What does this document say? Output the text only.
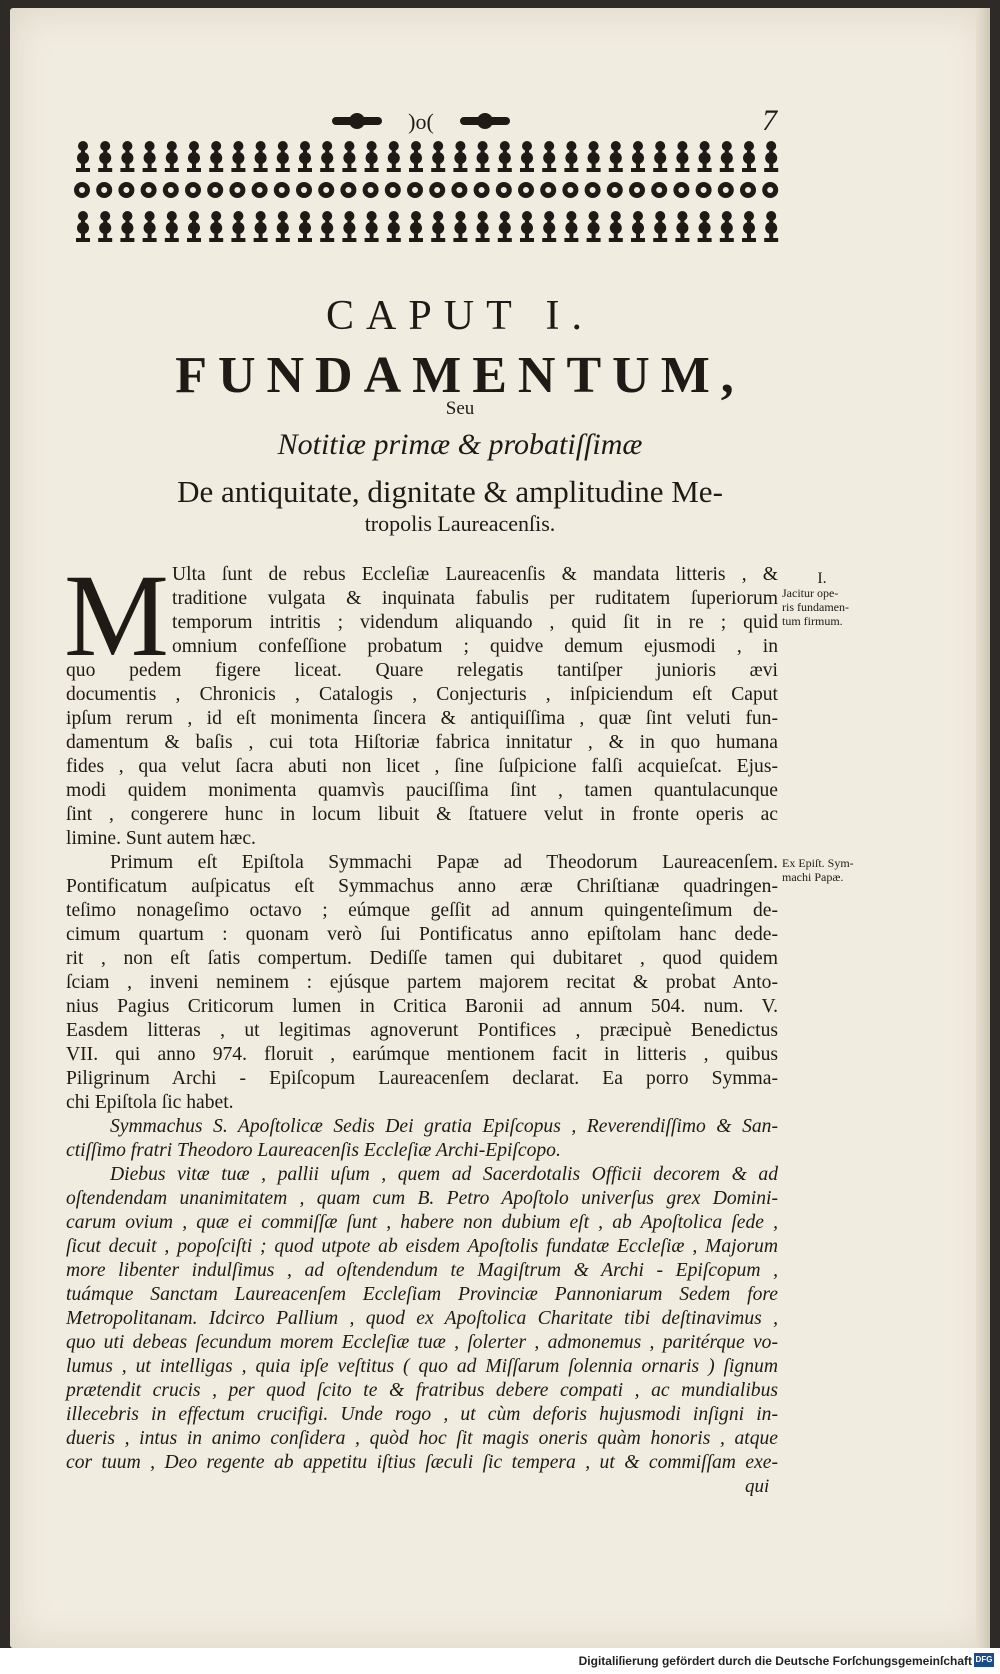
)o(	7
CAPUT I.
FUNDAMENTUM,
Seu
Notitiæ primæ & probatiſſimæ
De antiquitate, dignitate & amplitudine Me-
tropolis Laureacenſis.
M Ulta ſunt de rebus Eccleſiæ Laureacenſis & mandata litteris , &
traditione vulgata & inquinata fabulis per ruditatem ſuperiorum
temporum intritis ; videndum aliquando , quid ſit in re ; quid
omnium confeſſione probatum ; quidve demum ejusmodi , in
quo pedem figere liceat. Quare relegatis tantiſper junioris ævi
documentis , Chronicis , Catalogis , Conjecturis , inſpiciendum eſt Caput
ipſum rerum , id eſt monimenta ſincera & antiquiſſima , quæ ſint veluti fun-
damentum & baſis , cui tota Hiſtoriæ fabrica innitatur , & in quo humana
fides , qua velut ſacra abuti non licet , ſine ſuſpicione falſi acquieſcat. Ejus-
modi quidem monimenta quamvìs pauciſſima ſint , tamen quantulacunque
ſint , congerere hunc in locum libuit & ſtatuere velut in fronte operis ac
limine. Sunt autem hæc.
Primum eſt Epiſtola Symmachi Papæ ad Theodorum Laureacenſem.
Pontificatum auſpicatus eſt Symmachus anno æræ Chriſtianæ quadringen-
teſimo nonageſimo octavo ; eúmque geſſit ad annum quingenteſimum de-
cimum quartum : quonam verò ſui Pontificatus anno epiſtolam hanc dede-
rit , non eſt ſatis compertum. Dediſſe tamen qui dubitaret , quod quidem
ſciam , inveni neminem : ejúsque partem majorem recitat & probat Anto-
nius Pagius Criticorum lumen in Critica Baronii ad annum 504. num. V.
Easdem litteras , ut legitimas agnoverunt Pontifices , præcipuè Benedictus
VII. qui anno 974. floruit , earúmque mentionem facit in litteris , quibus
Piligrinum Archi - Epiſcopum Laureacenſem declarat. Ea porro Symma-
chi Epiſtola ſic habet.
Symmachus S. Apoſtolicæ Sedis Dei gratia Epiſcopus , Reverendiſſimo & San-
ctiſſimo fratri Theodoro Laureacenſis Eccleſiæ Archi-Epiſcopo.
Diebus vitæ tuæ , pallii uſum , quem ad Sacerdotalis Officii decorem & ad
oſtendendam unanimitatem , quam cum B. Petro Apoſtolo univerſus grex Domini-
carum ovium , quæ ei commiſſæ ſunt , habere non dubium eſt , ab Apoſtolica ſede ,
ſicut decuit , popoſciſti ; quod utpote ab eisdem Apoſtolis fundatæ Eccleſiæ , Majorum
more libenter indulſimus , ad oſtendendum te Magiſtrum & Archi - Epiſcopum ,
tuámque Sanctam Laureacenſem Eccleſiam Provinciæ Pannoniarum Sedem fore
Metropolitanam. Idcirco Pallium , quod ex Apoſtolica Charitate tibi deſtinavimus ,
quo uti debeas ſecundum morem Eccleſiæ tuæ , ſolerter , admonemus , paritérque vo-
lumus , ut intelligas , quia ipſe veſtitus ( quo ad Miſſarum ſolennia ornaris ) ſignum
prætendit crucis , per quod ſcito te & fratribus debere compati , ac mundialibus
illecebris in effectum crucifigi. Unde rogo , ut cùm deforis hujusmodi inſigni in-
dueris , intus in animo conſidera , quòd hoc ſit magis oneris quàm honoris , atque
cor tuum , Deo regente ab appetitu iſtius ſæculi ſic tempera , ut & commiſſam exe-
qui
I.
Jacitur ope-
ris fundamen-
tum firmum.
Ex Epiſt. Sym-
machi Papæ.
Digitaliſierung gefördert durch die Deutsche Forſchungsgemeinſchaft DFG
